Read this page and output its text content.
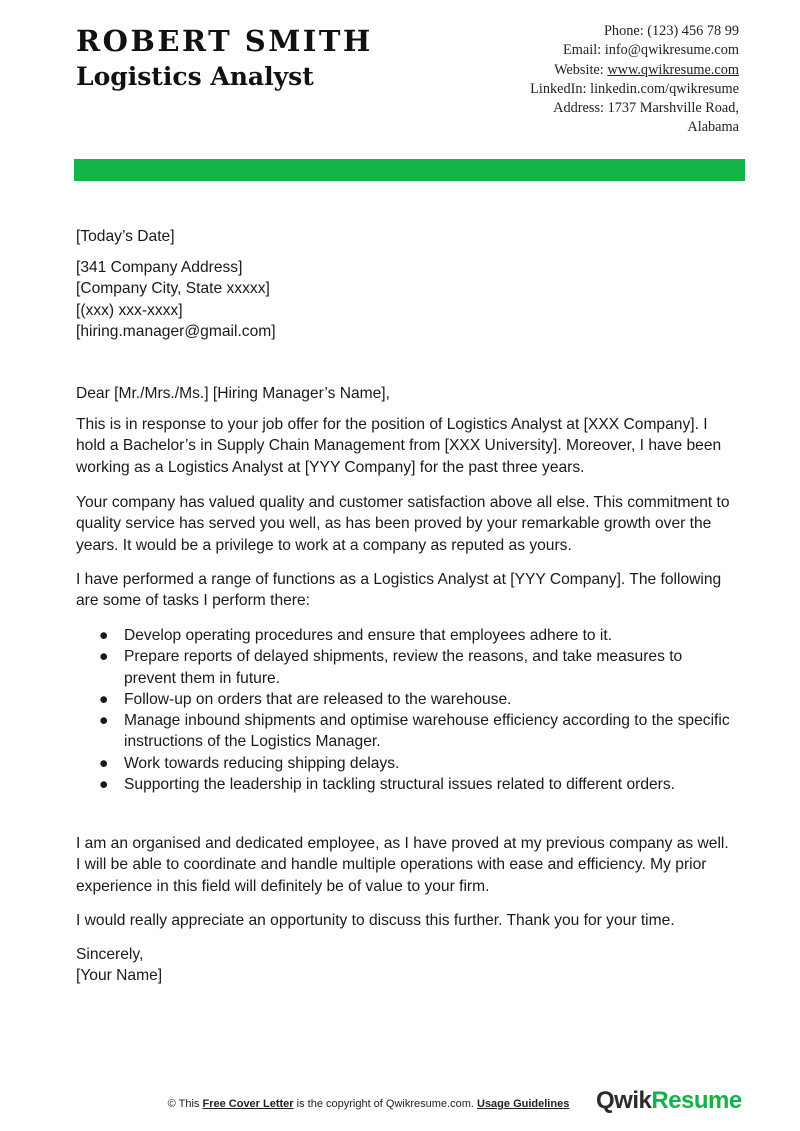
ROBERT SMITH
Logistics Analyst
Phone: (123) 456 78 99
Email: info@qwikresume.com
Website: www.qwikresume.com
LinkedIn: linkedin.com/qwikresume
Address: 1737 Marshville Road,
Alabama
[Today’s Date]
[341 Company Address]
[Company City, State xxxxx]
[(xxx) xxx-xxxx]
[hiring.manager@gmail.com]
Dear [Mr./Mrs./Ms.] [Hiring Manager’s Name],

This is in response to your job offer for the position of Logistics Analyst at [XXX Company]. I hold a Bachelor’s in Supply Chain Management from [XXX University]. Moreover, I have been working as a Logistics Analyst at [YYY Company] for the past three years.

Your company has valued quality and customer satisfaction above all else. This commitment to quality service has served you well, as has been proved by your remarkable growth over the years. It would be a privilege to work at a company as reputed as yours.

I have performed a range of functions as a Logistics Analyst at [YYY Company]. The following are some of tasks I perform there:

● Develop operating procedures and ensure that employees adhere to it.
● Prepare reports of delayed shipments, review the reasons, and take measures to prevent them in future.
● Follow-up on orders that are released to the warehouse.
● Manage inbound shipments and optimise warehouse efficiency according to the specific instructions of the Logistics Manager.
● Work towards reducing shipping delays.
● Supporting the leadership in tackling structural issues related to different orders.

I am an organised and dedicated employee, as I have proved at my previous company as well. I will be able to coordinate and handle multiple operations with ease and efficiency. My prior experience in this field will definitely be of value to your firm.

I would really appreciate an opportunity to discuss this further. Thank you for your time.

Sincerely,
[Your Name]
© This Free Cover Letter is the copyright of Qwikresume.com. Usage Guidelines	QwikResume
